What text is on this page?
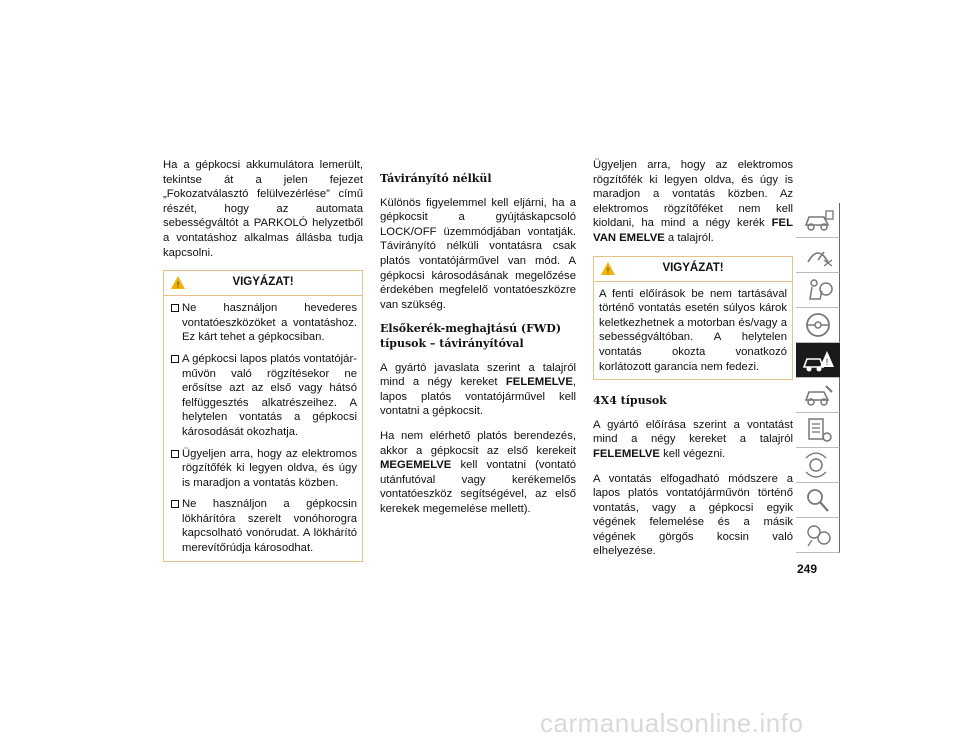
Ha a gépkocsi akkumulátora lemerült, tekintse át a jelen fejezet „Fokozatválasztó felülvezérlése” című részét, hogy az automata sebességváltót a PARKOLÓ helyzetből a vontatáshoz alkalmas állásba tudja kapcsolni.

!	VIGYÁZAT!
Ne használjon hevederes vontatóeszközöket a vontatáshoz. Ez kárt tehet a gépkocsiban.
A gépkocsi lapos platós vontatójárművön való rögzítésekor ne erősítse azt az első vagy hátsó felfüggesztés alkatrészeihez. A helytelen vontatás a gépkocsi károsodását okozhatja.
Ügyeljen arra, hogy az elektromos rögzítőfék ki legyen oldva, és úgy is maradjon a vontatás közben.
Ne használjon a gépkocsin lökhárítóra szerelt vonóhorogra kapcsolható vonórudat. A lökhárító merevítőrúdja károsodhat.
Távirányító nélkül

Különös figyelemmel kell eljárni, ha a gépkocsit a gyújtáskapcsoló LOCK/OFF üzemmódjában vontatják. Távirányító nélküli vontatásra csak platós vontatójárművel van mód. A gépkocsi károsodásának megelőzése érdekében megfelelő vontatóeszközre van szükség.

Elsőkerék-meghajtású (FWD) típusok – távirányítóval

A gyártó javaslata szerint a talajról mind a négy kereket FELEMELVE, lapos platós vontatójárművel kell vontatni a gépkocsit.

Ha nem elérhető platós berendezés, akkor a gépkocsit az első kerekeit MEGEMELVE kell vontatni (vontató utánfutóval vagy kerékemelős vontatóeszköz segítségével, az első kerekek megemelése mellett).

Ügyeljen arra, hogy az elektromos rögzítőfék ki legyen oldva, és úgy is maradjon a vontatás közben. Az elektromos rögzítőféket nem kell kioldani, ha mind a négy kerék FEL VAN EMELVE a talajról.

!	VIGYÁZAT!

A fenti előírások be nem tartásával történő vontatás esetén súlyos károk keletkezhetnek a motorban és/vagy a sebességváltóban. A helytelen vontatás okozta vonatkozó korlátozott garancia nem fedezi.

4X4 típusok

A gyártó előírása szerint a vontatást mind a négy kereket a talajról FELEMELVE kell végezni.

A vontatás elfogadható módszere a lapos platós vontatójárművön történő vontatás, vagy a gépkocsi egyik végének felemelése és a másik végének görgős kocsin való elhelyezése.

!
249
carmanualsonline.info
